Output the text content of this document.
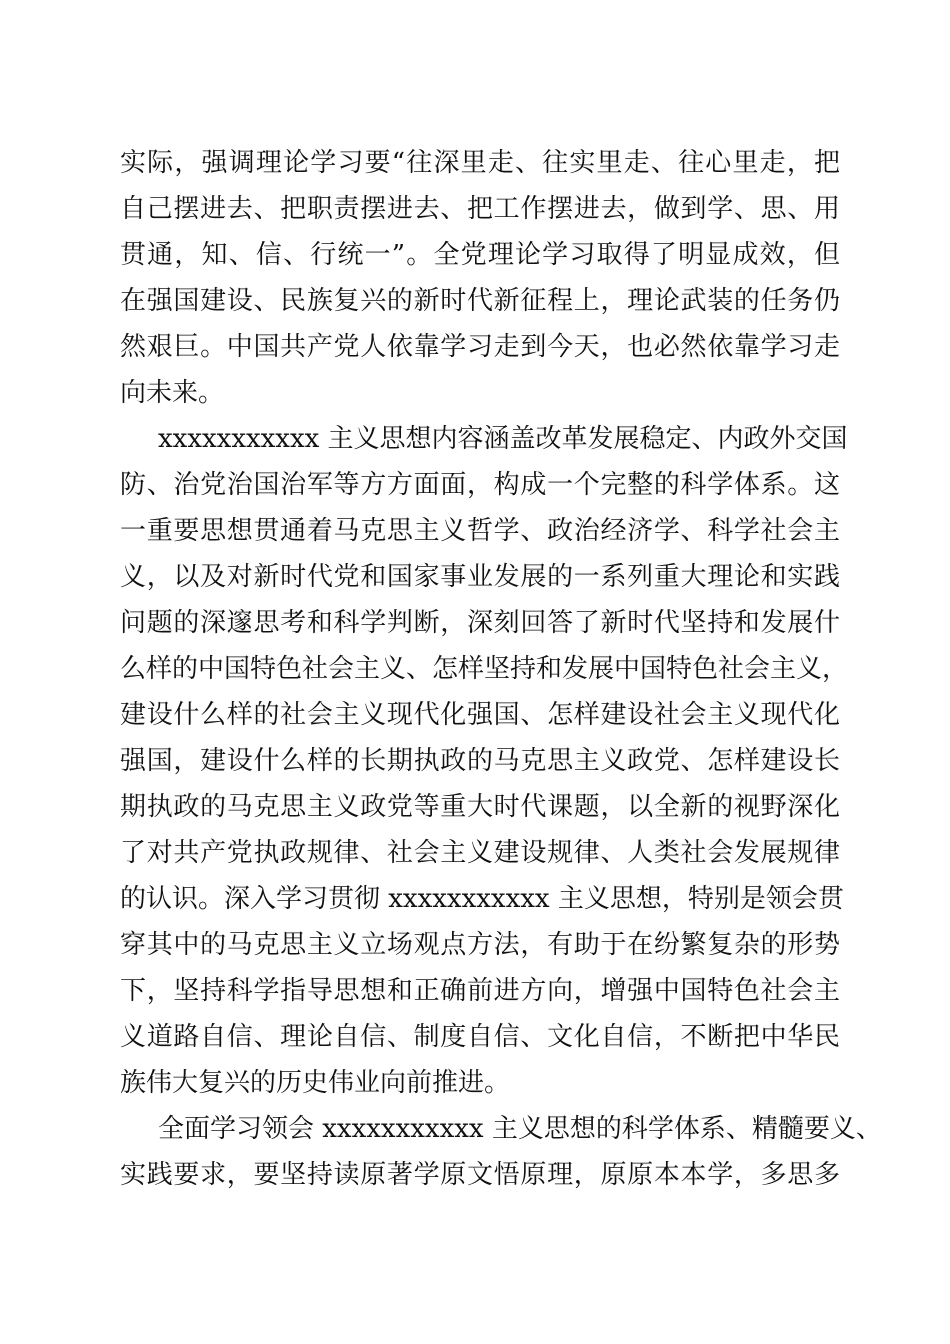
实际，强调理论学习要“往深里走、往实里走、往心里走，把
自己摆进去、把职责摆进去、把工作摆进去，做到学、思、用
贯通，知、信、行统一”。全党理论学习取得了明显成效，但
在强国建设、民族复兴的新时代新征程上，理论武装的任务仍
然艰巨。中国共产党人依靠学习走到今天，也必然依靠学习走
向未来。
xxxxxxxxxxx 主义思想内容涵盖改革发展稳定、内政外交国
防、治党治国治军等方方面面，构成一个完整的科学体系。这
一重要思想贯通着马克思主义哲学、政治经济学、科学社会主
义，以及对新时代党和国家事业发展的一系列重大理论和实践
问题的深邃思考和科学判断，深刻回答了新时代坚持和发展什
么样的中国特色社会主义、怎样坚持和发展中国特色社会主义，
建设什么样的社会主义现代化强国、怎样建设社会主义现代化
强国，建设什么样的长期执政的马克思主义政党、怎样建设长
期执政的马克思主义政党等重大时代课题，以全新的视野深化
了对共产党执政规律、社会主义建设规律、人类社会发展规律
的认识。深入学习贯彻 xxxxxxxxxxx 主义思想，特别是领会贯
穿其中的马克思主义立场观点方法，有助于在纷繁复杂的形势
下，坚持科学指导思想和正确前进方向，增强中国特色社会主
义道路自信、理论自信、制度自信、文化自信，不断把中华民
族伟大复兴的历史伟业向前推进。
全面学习领会 xxxxxxxxxxx 主义思想的科学体系、精髓要义、
实践要求，要坚持读原著学原文悟原理，原原本本学，多思多
